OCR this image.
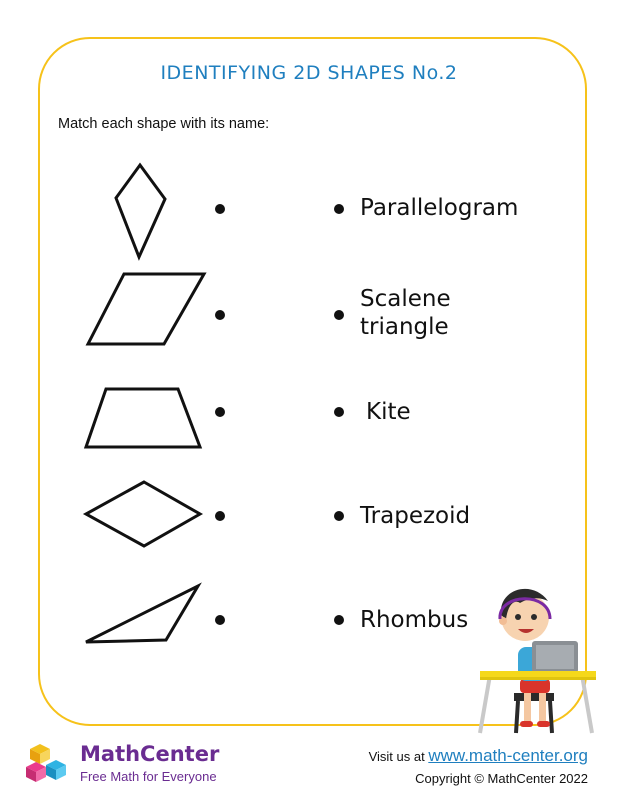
IDENTIFYING 2D SHAPES No.2
Match each shape with its name:
Parallelogram
Scalene
triangle
Kite
Trapezoid
Rhombus
MathCenter
Free Math for Everyone
Visit us at www.math-center.org
Copyright © MathCenter 2022
